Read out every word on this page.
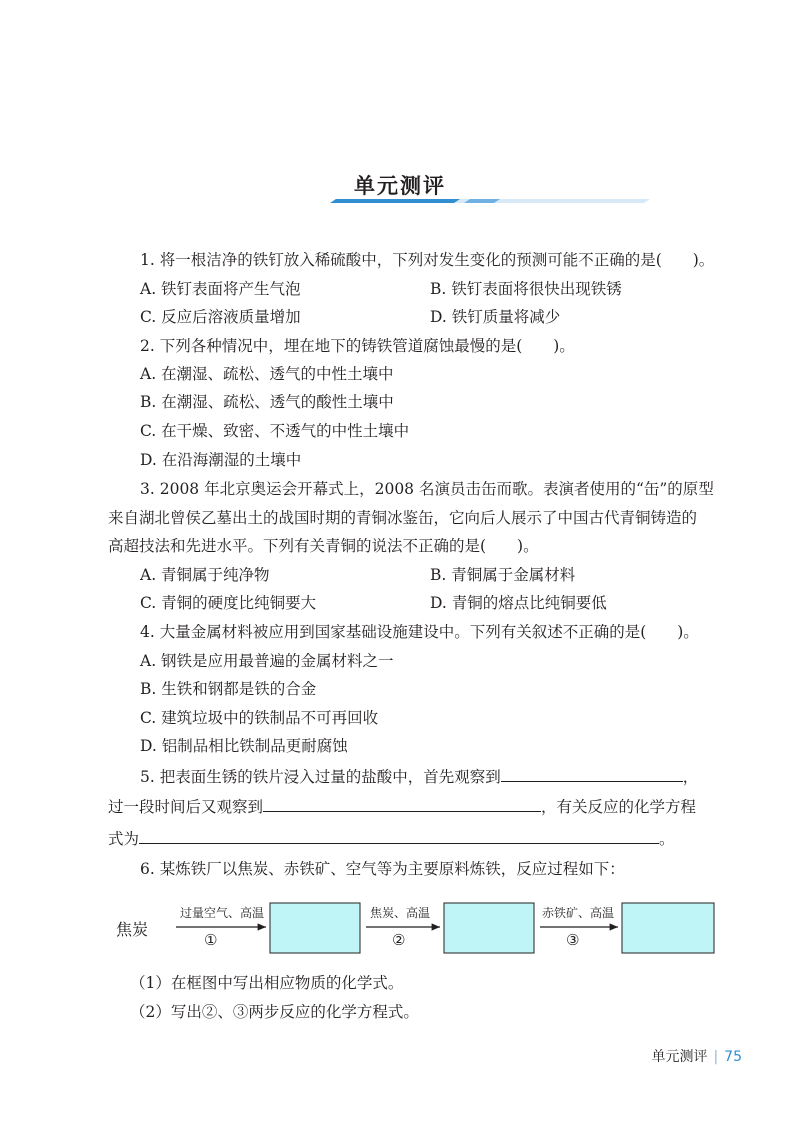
单元测评
1. 将一根洁净的铁钉放入稀硫酸中，下列对发生变化的预测可能不正确的是(　　)。
A. 铁钉表面将产生气泡	B. 铁钉表面将很快出现铁锈
C. 反应后溶液质量增加	D. 铁钉质量将减少
2. 下列各种情况中，埋在地下的铸铁管道腐蚀最慢的是(　　)。
A. 在潮湿、疏松、透气的中性土壤中
B. 在潮湿、疏松、透气的酸性土壤中
C. 在干燥、致密、不透气的中性土壤中
D. 在沿海潮湿的土壤中
3. 2008 年北京奥运会开幕式上，2008 名演员击缶而歌。表演者使用的“缶”的原型
来自湖北曾侯乙墓出土的战国时期的青铜冰鉴缶，它向后人展示了中国古代青铜铸造的
高超技法和先进水平。下列有关青铜的说法不正确的是(　　)。
A. 青铜属于纯净物	B. 青铜属于金属材料
C. 青铜的硬度比纯铜要大	D. 青铜的熔点比纯铜要低
4. 大量金属材料被应用到国家基础设施建设中。下列有关叙述不正确的是(　　)。
A. 钢铁是应用最普遍的金属材料之一
B. 生铁和钢都是铁的合金
C. 建筑垃圾中的铁制品不可再回收
D. 铝制品相比铁制品更耐腐蚀
5. 把表面生锈的铁片浸入过量的盐酸中，首先观察到	，
过一段时间后又观察到	，有关反应的化学方程
式为	。
6. 某炼铁厂以焦炭、赤铁矿、空气等为主要原料炼铁，反应过程如下：
焦炭
过量空气、高温
①
焦炭、高温
②
赤铁矿、高温
③
（1）在框图中写出相应物质的化学式。
（2）写出②、③两步反应的化学方程式。
单元测评 | 75
